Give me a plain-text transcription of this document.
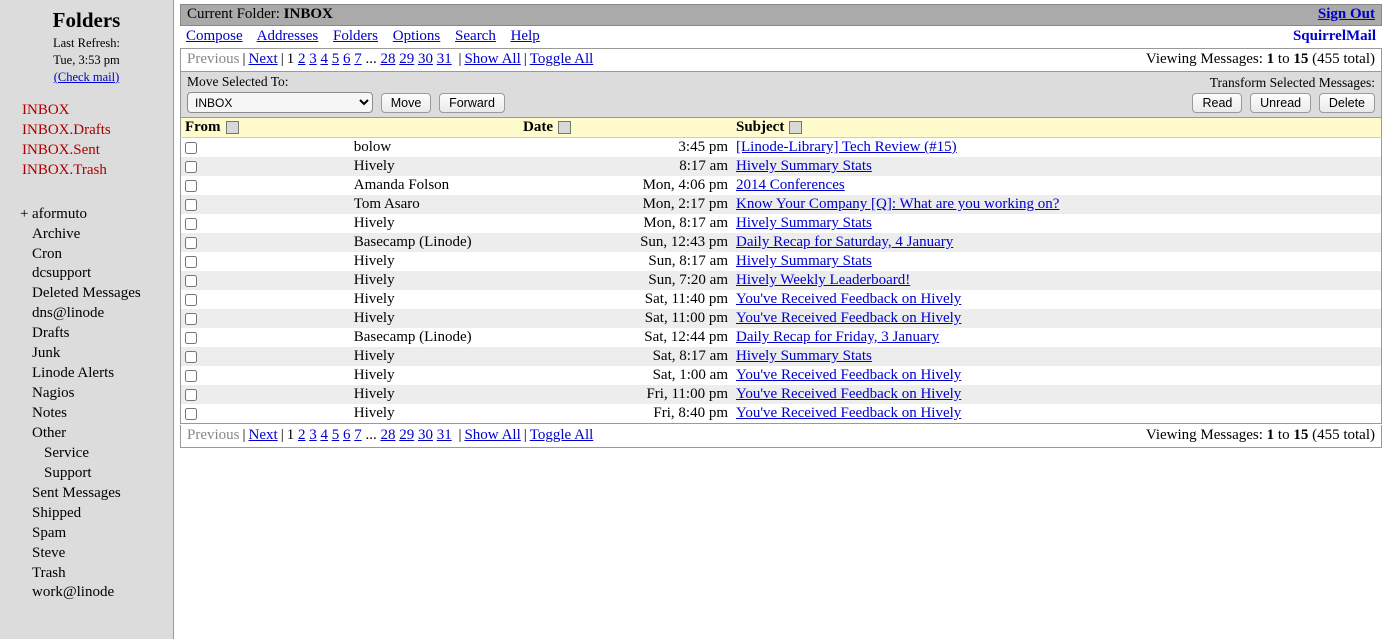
Folders
Last Refresh:
Tue, 3:53 pm
(Check mail)
INBOX
INBOX.Drafts
INBOX.Sent
INBOX.Trash
+ aformuto
Archive
Cron
dcsupport
Deleted Messages
dns@linode
Drafts
Junk
Linode Alerts
Nagios
Notes
Other
Service
Support
Sent Messages
Shipped
Spam
Steve
Trash
work@linode
Current Folder: INBOX	Sign Out
Compose Addresses Folders Options Search Help	SquirrelMail
Previous | Next | 1 2 3 4 5 6 7 ... 28 29 30 31 | Show All | Toggle All	Viewing Messages: 1 to 15 (455 total)
Move Selected To:
INBOX Move Forward
Transform Selected Messages:
Read Unread Delete
From		Date	Subject
	bolow	3:45 pm	[Linode-Library] Tech Review (#15)
	Hively	8:17 am	Hively Summary Stats
	Amanda Folson	Mon, 4:06 pm	2014 Conferences
	Tom Asaro	Mon, 2:17 pm	Know Your Company [Q]: What are you working on?
	Hively	Mon, 8:17 am	Hively Summary Stats
	Basecamp (Linode)	Sun, 12:43 pm	Daily Recap for Saturday, 4 January
	Hively	Sun, 8:17 am	Hively Summary Stats
	Hively	Sun, 7:20 am	Hively Weekly Leaderboard!
	Hively	Sat, 11:40 pm	You've Received Feedback on Hively
	Hively	Sat, 11:00 pm	You've Received Feedback on Hively
	Basecamp (Linode)	Sat, 12:44 pm	Daily Recap for Friday, 3 January
	Hively	Sat, 8:17 am	Hively Summary Stats
	Hively	Sat, 1:00 am	You've Received Feedback on Hively
	Hively	Fri, 11:00 pm	You've Received Feedback on Hively
	Hively	Fri, 8:40 pm	You've Received Feedback on Hively
Previous | Next | 1 2 3 4 5 6 7 ... 28 29 30 31 | Show All | Toggle All	Viewing Messages: 1 to 15 (455 total)
